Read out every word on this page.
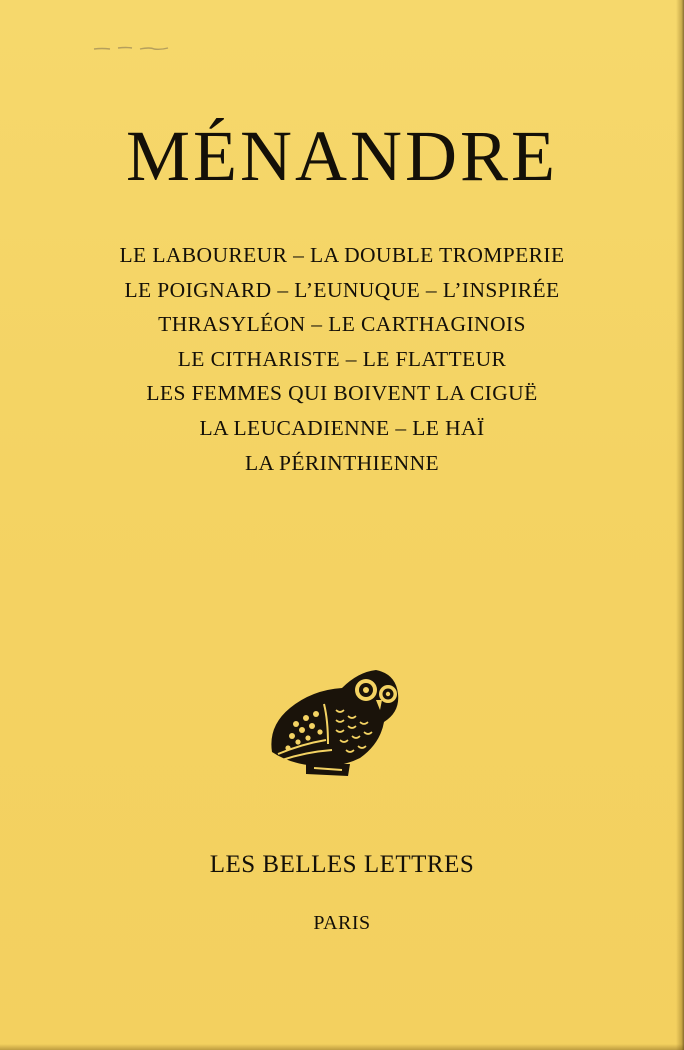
MÉNANDRE
LE LABOUREUR – LA DOUBLE TROMPERIE
LE POIGNARD – L’EUNUQUE – L’INSPIRÉE
THRASYLÉON – LE CARTHAGINOIS
LE CITHARISTE – LE FLATTEUR
LES FEMMES QUI BOIVENT LA CIGUË
LA LEUCADIENNE – LE HAÏ
LA PÉRINTHIENNE
LES BELLES LETTRES
PARIS
